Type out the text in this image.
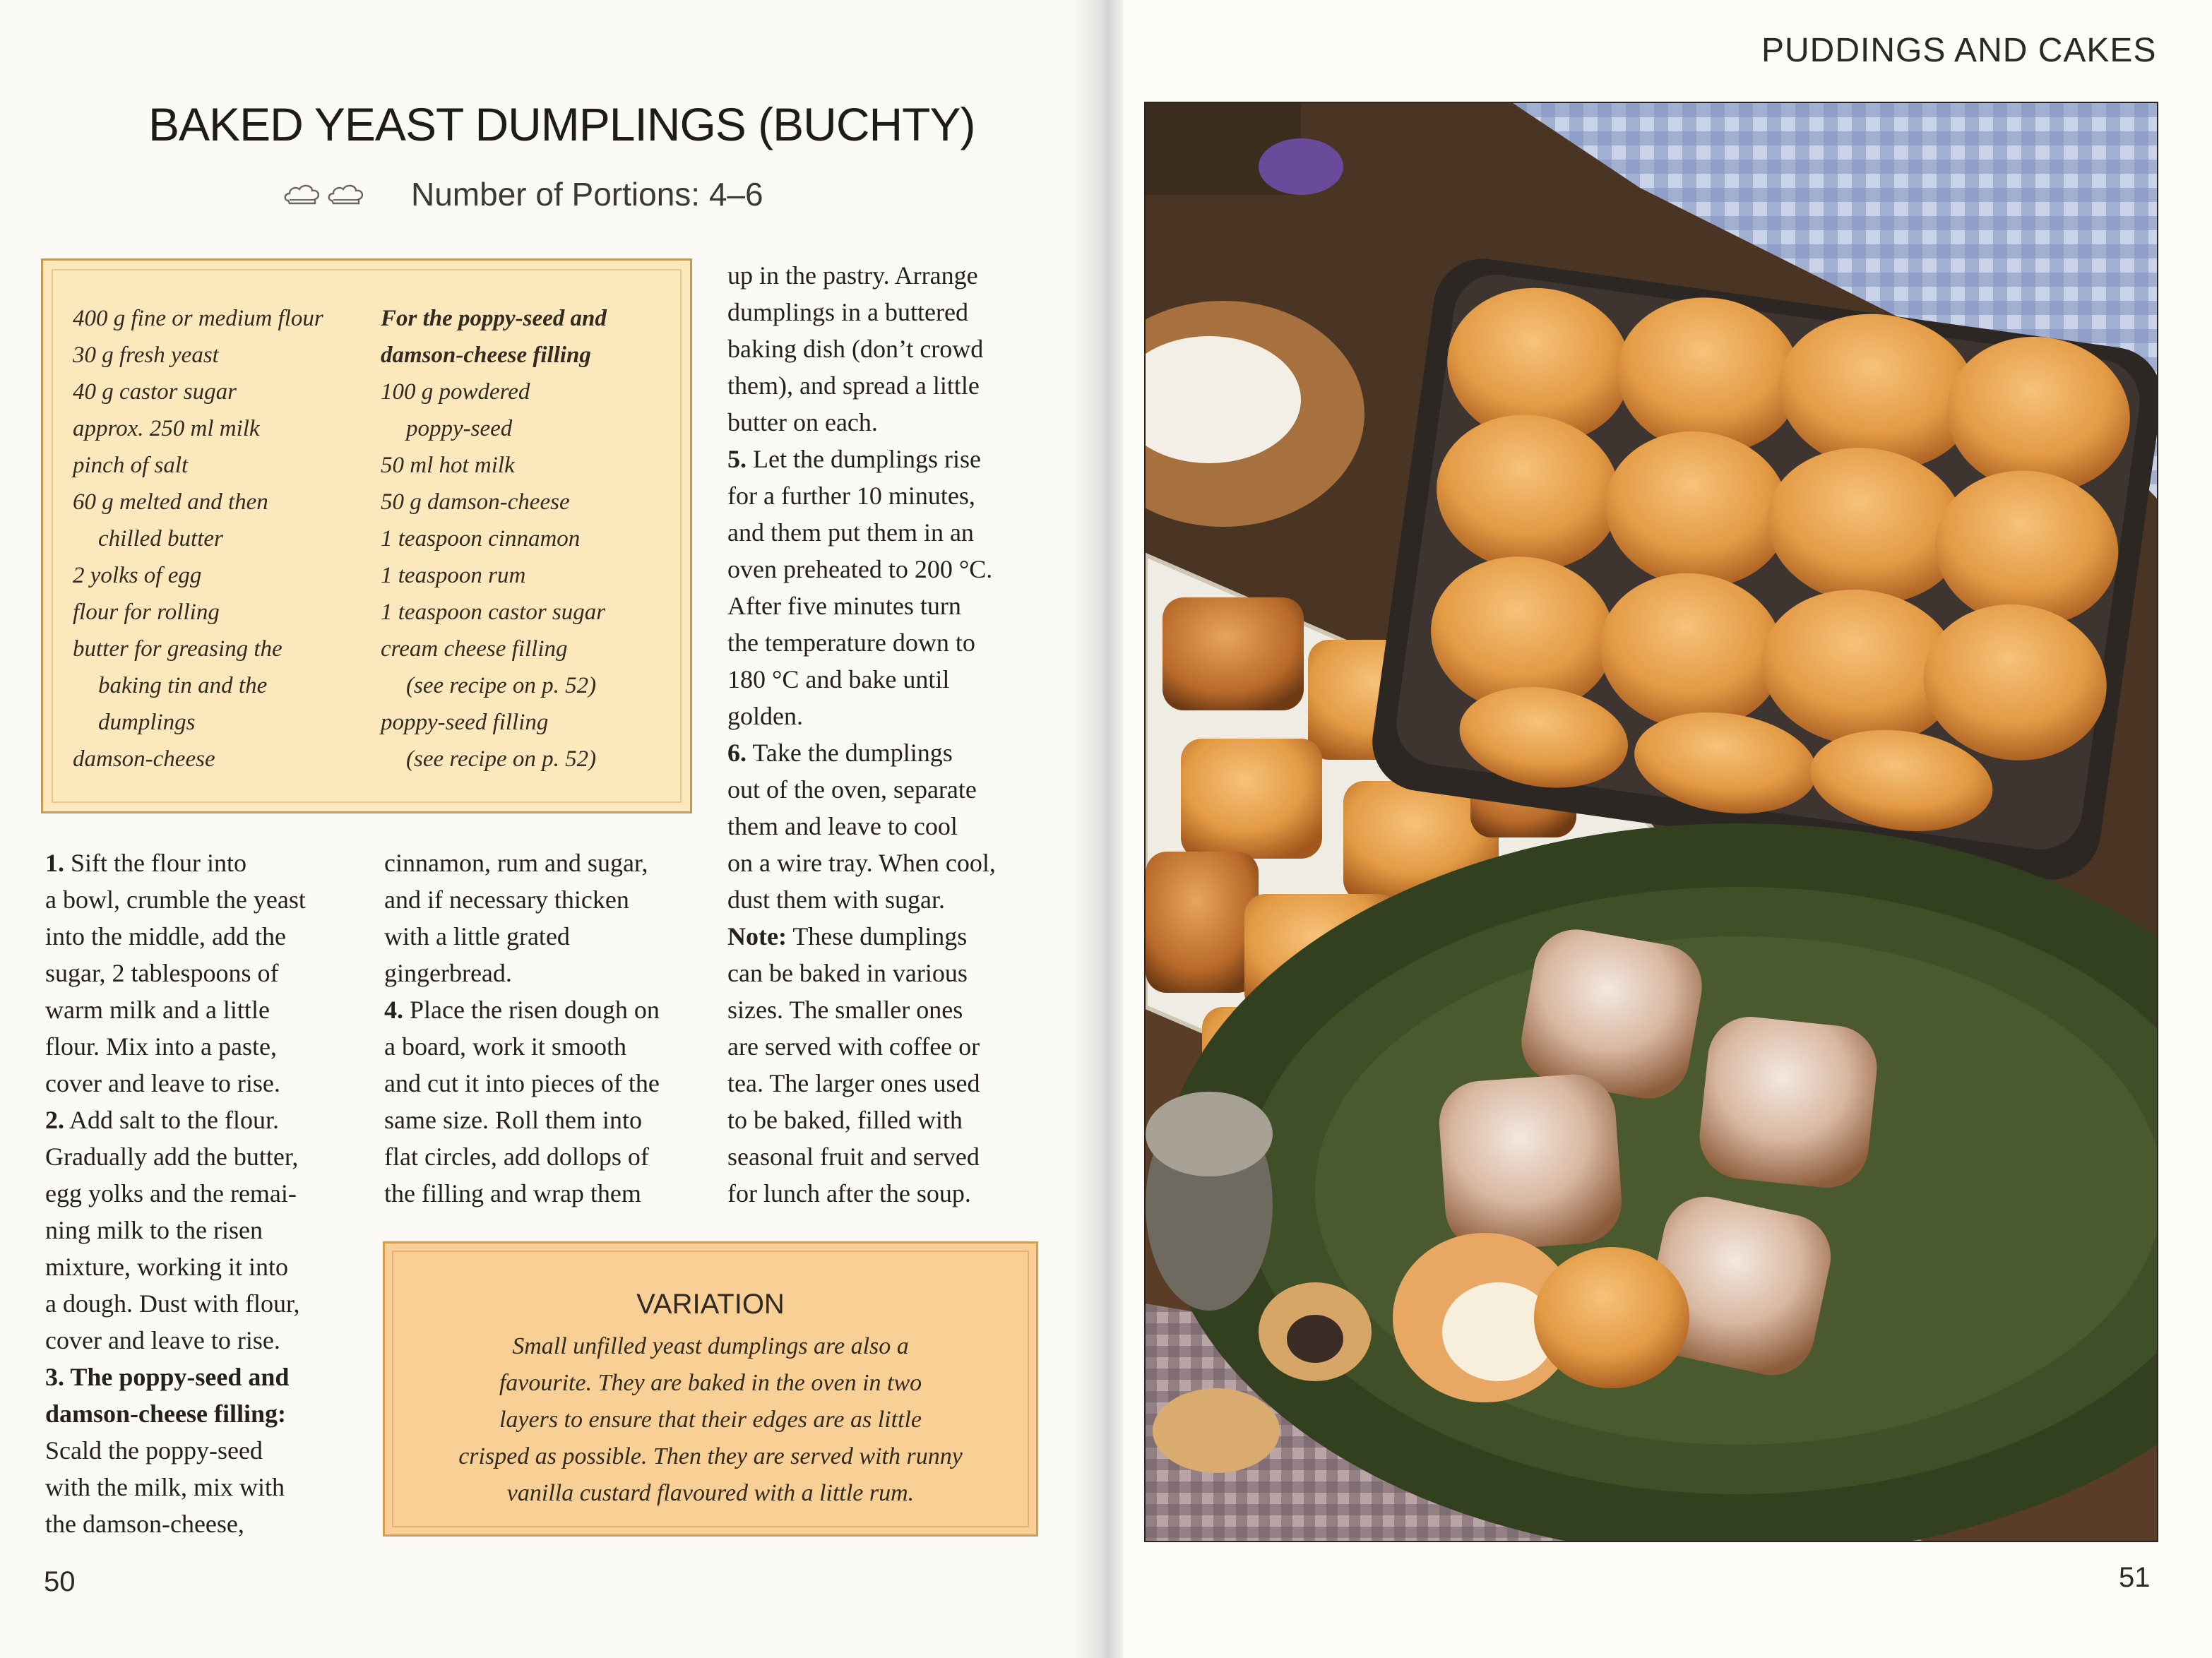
BAKED YEAST DUMPLINGS (BUCHTY)
Number of Portions: 4–6
400 g fine or medium flour
30 g fresh yeast
40 g castor sugar
approx. 250 ml milk
pinch of salt
60 g melted and then
chilled butter
2 yolks of egg
flour for rolling
butter for greasing the
baking tin and the
dumplings
damson-cheese
For the poppy-seed and
damson-cheese filling
100 g powdered
poppy-seed
50 ml hot milk
50 g damson-cheese
1 teaspoon cinnamon
1 teaspoon rum
1 teaspoon castor sugar
cream cheese filling
(see recipe on p. 52)
poppy-seed filling
(see recipe on p. 52)
1. Sift the flour into
a bowl, crumble the yeast
into the middle, add the
sugar, 2 tablespoons of
warm milk and a little
flour. Mix into a paste,
cover and leave to rise.
2. Add salt to the flour.
Gradually add the butter,
egg yolks and the remai-
ning milk to the risen
mixture, working it into
a dough. Dust with flour,
cover and leave to rise.
3. The poppy-seed and
damson-cheese filling:
Scald the poppy-seed
with the milk, mix with
the damson-cheese,
cinnamon, rum and sugar,
and if necessary thicken
with a little grated
gingerbread.
4. Place the risen dough on
a board, work it smooth
and cut it into pieces of the
same size. Roll them into
flat circles, add dollops of
the filling and wrap them
up in the pastry. Arrange
dumplings in a buttered
baking dish (don’t crowd
them), and spread a little
butter on each.
5. Let the dumplings rise
for a further 10 minutes,
and them put them in an
oven preheated to 200 °C.
After five minutes turn
the temperature down to
180 °C and bake until
golden.
6. Take the dumplings
out of the oven, separate
them and leave to cool
on a wire tray. When cool,
dust them with sugar.
Note: These dumplings
can be baked in various
sizes. The smaller ones
are served with coffee or
tea. The larger ones used
to be baked, filled with
seasonal fruit and served
for lunch after the soup.
VARIATION
Small unfilled yeast dumplings are also a
favourite. They are baked in the oven in two
layers to ensure that their edges are as little
crisped as possible. Then they are served with runny
vanilla custard flavoured with a little rum.
50
PUDDINGS AND CAKES
51
